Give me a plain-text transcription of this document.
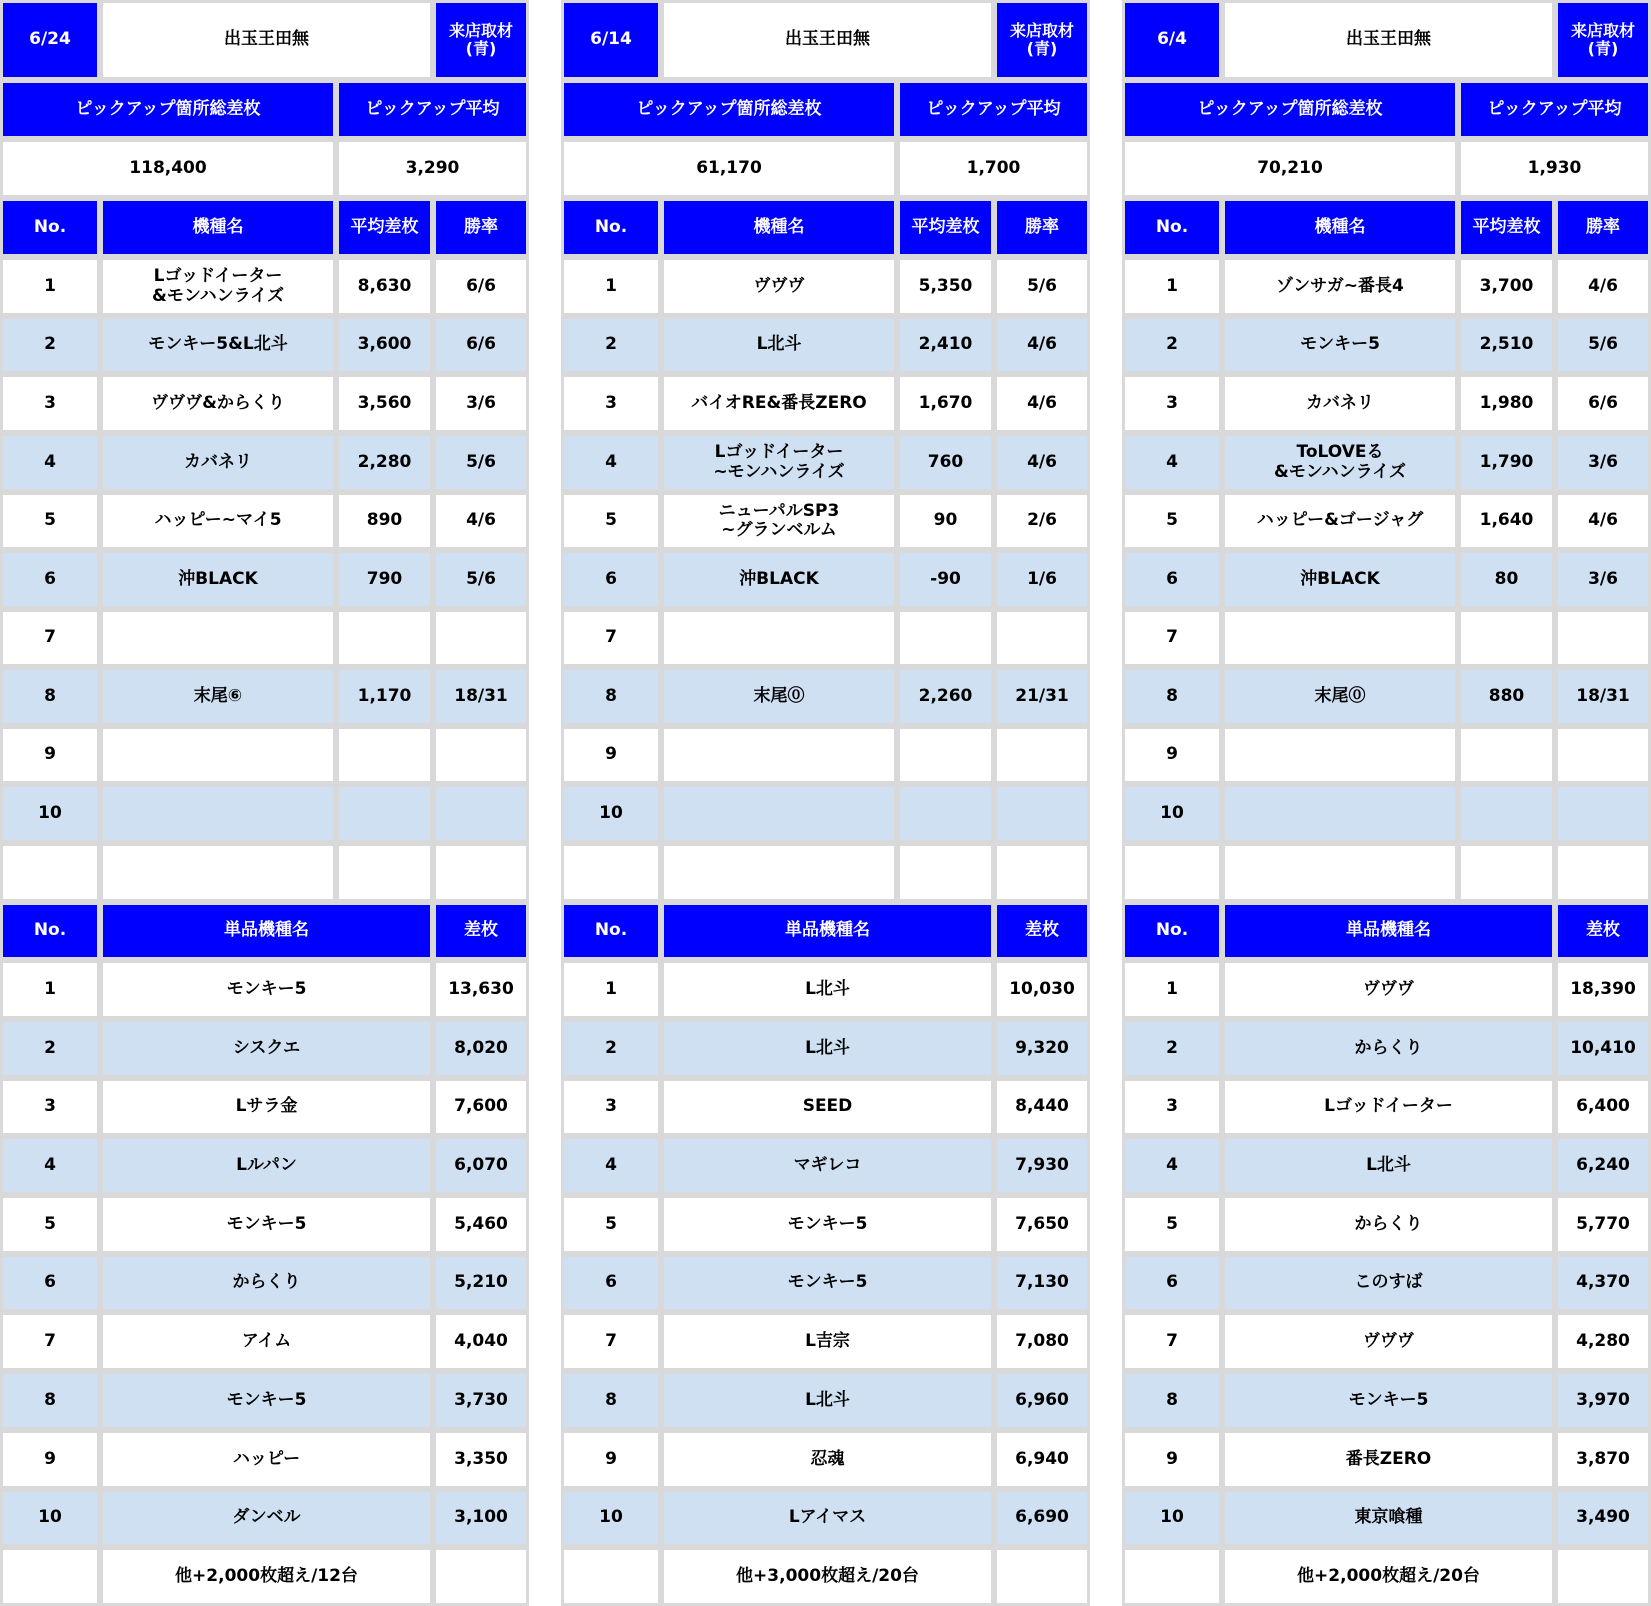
6/24	出玉王田無	来店取材
(青)
ピックアップ箇所総差枚	ピックアップ平均
118,400	3,290
No.	機種名	平均差枚	勝率
1	Lゴッドイーター
&モンハンライズ	8,630	6/6
2	モンキー5&L北斗	3,600	6/6
3	ヴヴヴ&からくり	3,560	3/6
4	カバネリ	2,280	5/6
5	ハッピー~マイ5	890	4/6
6	沖BLACK	790	5/6
7
8	末尾⑥	1,170	18/31
9
10
No.	単品機種名	差枚
1	モンキー5	13,630
2	シスクエ	8,020
3	Lサラ金	7,600
4	Lルパン	6,070
5	モンキー5	5,460
6	からくり	5,210
7	アイム	4,040
8	モンキー5	3,730
9	ハッピー	3,350
10	ダンベル	3,100
他+2,000枚超え/12台
6/14	出玉王田無	来店取材
(青)
ピックアップ箇所総差枚	ピックアップ平均
61,170	1,700
No.	機種名	平均差枚	勝率
1	ヴヴヴ	5,350	5/6
2	L北斗	2,410	4/6
3	バイオRE&番長ZERO	1,670	4/6
4	Lゴッドイーター
~モンハンライズ	760	4/6
5	ニューパルSP3
~グランベルム	90	2/6
6	沖BLACK	-90	1/6
7
8	末尾⓪	2,260	21/31
9
10
No.	単品機種名	差枚
1	L北斗	10,030
2	L北斗	9,320
3	SEED	8,440
4	マギレコ	7,930
5	モンキー5	7,650
6	モンキー5	7,130
7	L吉宗	7,080
8	L北斗	6,960
9	忍魂	6,940
10	Lアイマス	6,690
他+3,000枚超え/20台
6/4	出玉王田無	来店取材
(青)
ピックアップ箇所総差枚	ピックアップ平均
70,210	1,930
No.	機種名	平均差枚	勝率
1	ゾンサガ~番長4	3,700	4/6
2	モンキー5	2,510	5/6
3	カバネリ	1,980	6/6
4	ToLOVEる
&モンハンライズ	1,790	3/6
5	ハッピー&ゴージャグ	1,640	4/6
6	沖BLACK	80	3/6
7
8	末尾⓪	880	18/31
9
10
No.	単品機種名	差枚
1	ヴヴヴ	18,390
2	からくり	10,410
3	Lゴッドイーター	6,400
4	L北斗	6,240
5	からくり	5,770
6	このすば	4,370
7	ヴヴヴ	4,280
8	モンキー5	3,970
9	番長ZERO	3,870
10	東京喰種	3,490
他+2,000枚超え/20台
